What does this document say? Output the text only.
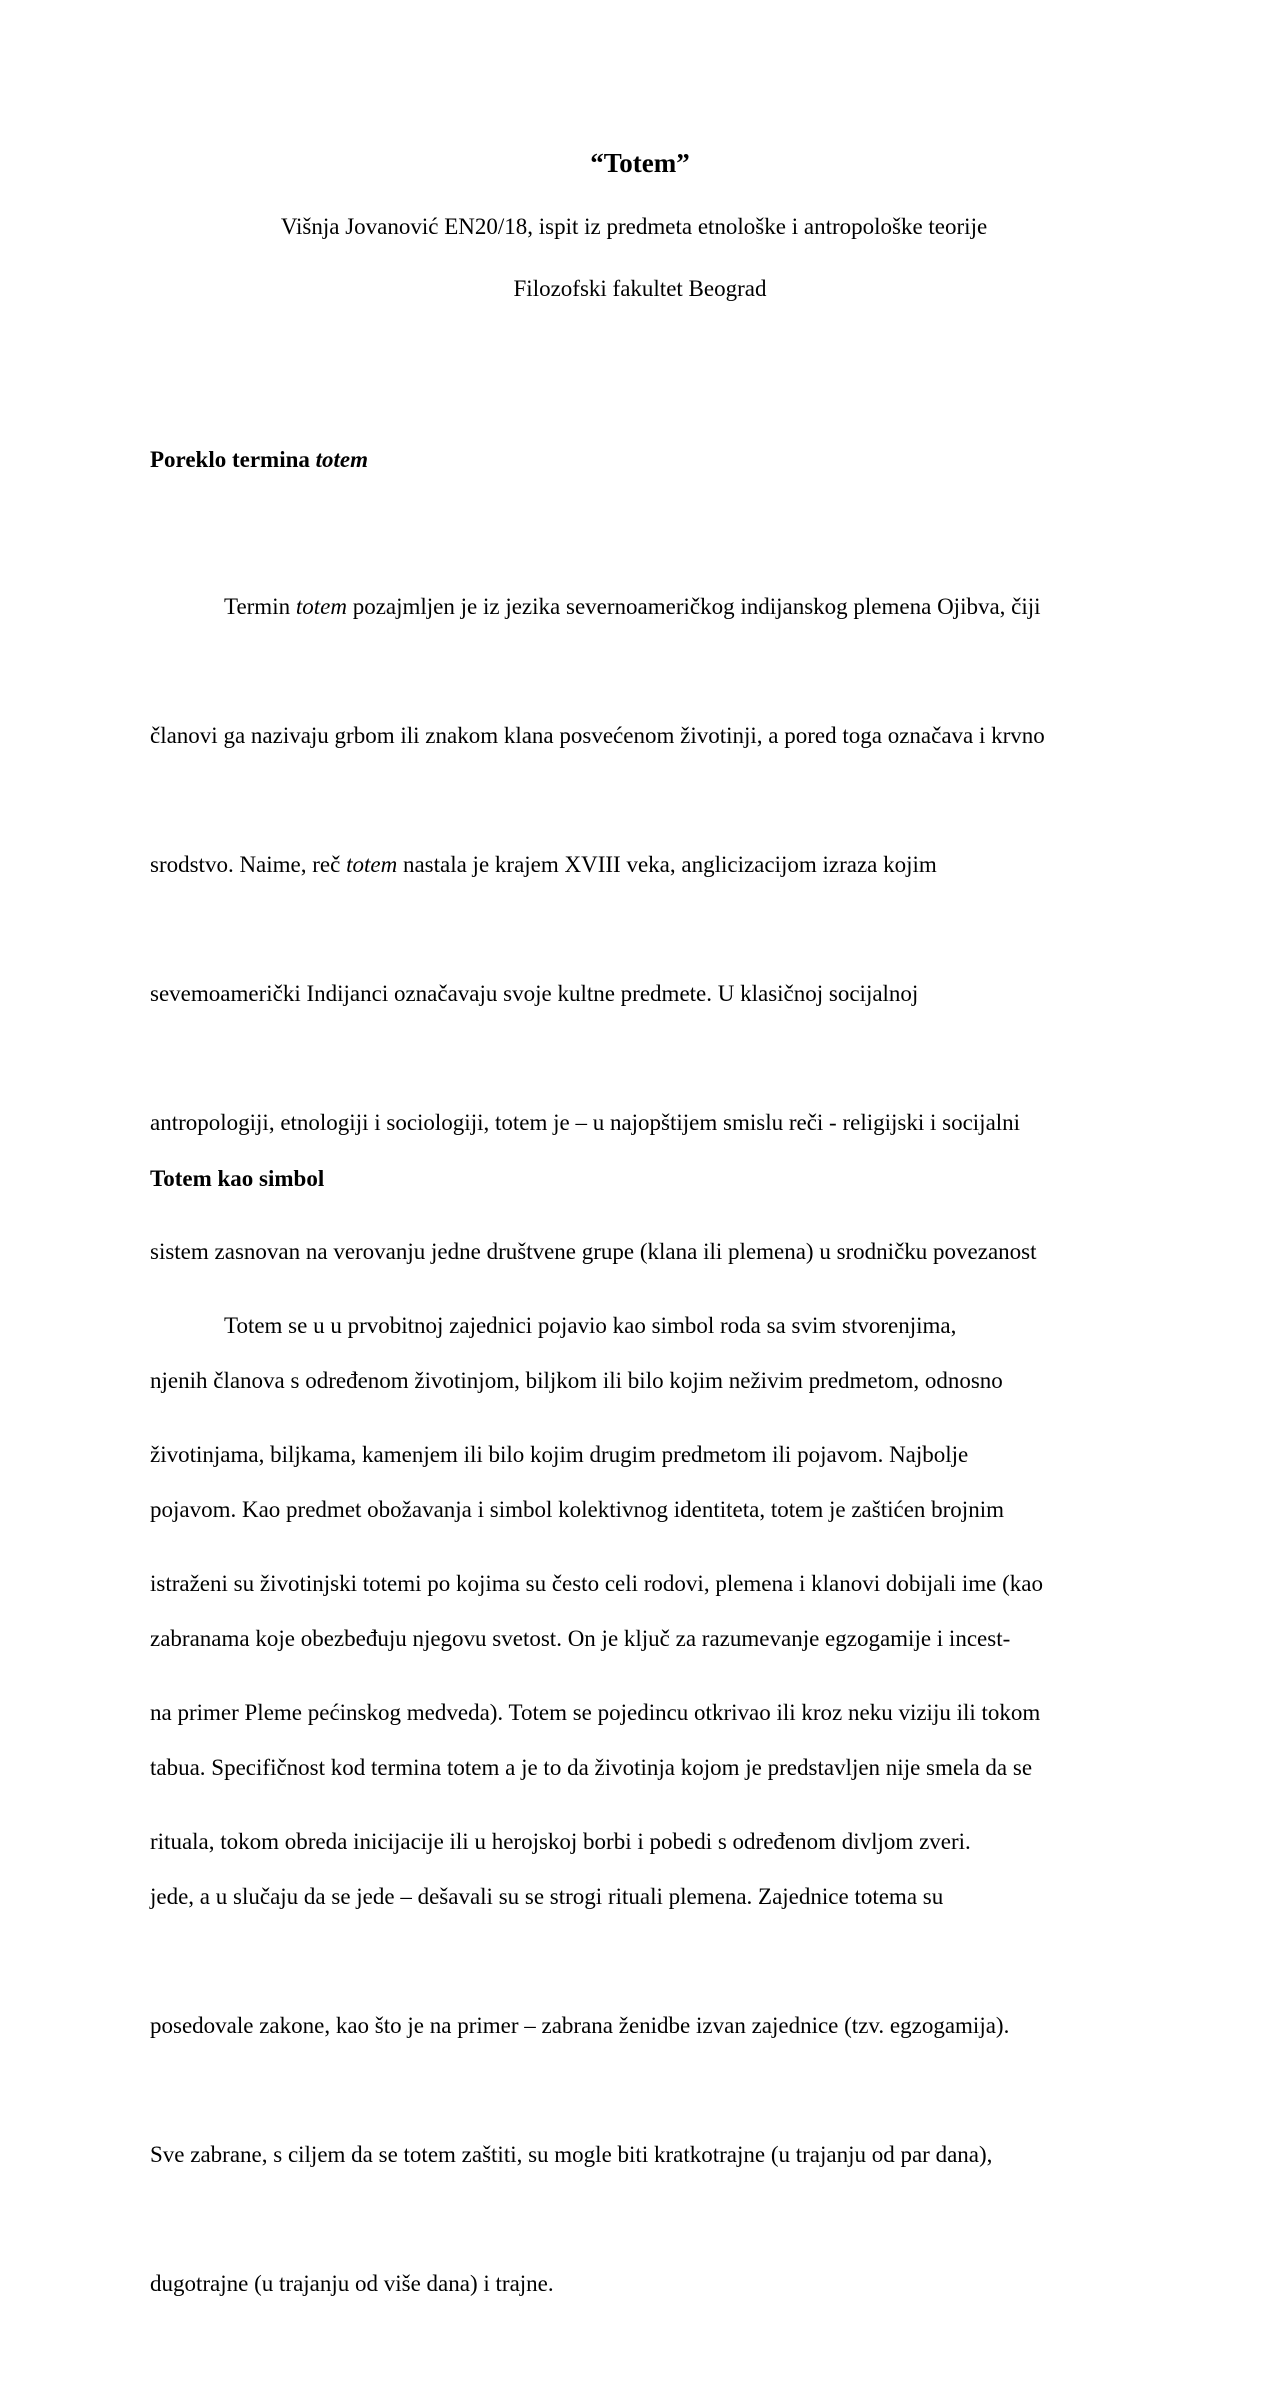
“Totem”
Višnja Jovanović EN20/18, ispit iz predmeta etnološke i antropološke teorije
Filozofski fakultet Beograd
Poreklo termina totem

Termin totem pozajmljen je iz jezika severnoameričkog indijanskog plemena Ojibva, čiji

članovi ga nazivaju grbom ili znakom klana posvećenom životinji, a pored toga označava i krvno

srodstvo. Naime, reč totem nastala je krajem XVIII veka, anglicizacijom izraza kojim

sevemoamerički Indijanci označavaju svoje kultne predmete. U klasičnoj socijalnoj

antropologiji, etnologiji i sociologiji, totem je – u najopštijem smislu reči - religijski i socijalni

sistem zasnovan na verovanju jedne društvene grupe (klana ili plemena) u srodničku povezanost

njenih članova s određenom životinjom, biljkom ili bilo kojim neživim predmetom, odnosno

pojavom. Kao predmet obožavanja i simbol kolektivnog identiteta, totem je zaštićen brojnim

zabranama koje obezbeđuju njegovu svetost. On je ključ za razumevanje egzogamije i incest-

tabua. Specifičnost kod termina totem a je to da životinja kojom je predstavljen nije smela da se

jede, a u slučaju da se jede – dešavali su se strogi rituali plemena. Zajednice totema su

posedovale zakone, kao što je na primer – zabrana ženidbe izvan zajednice (tzv. egzogamija).

Sve zabrane, s ciljem da se totem zaštiti, su mogle biti kratkotrajne (u trajanju od par dana),

dugotrajne (u trajanju od više dana) i trajne.

Totem kao simbol

Totem se u u prvobitnoj zajednici pojavio kao simbol roda sa svim stvorenjima,

životinjama, biljkama, kamenjem ili bilo kojim drugim predmetom ili pojavom. Najbolje

istraženi su životinjski totemi po kojima su često celi rodovi, plemena i klanovi dobijali ime (kao

na primer Pleme pećinskog medveda). Totem se pojedincu otkrivao ili kroz neku viziju ili tokom

rituala, tokom obreda inicijacije ili u herojskoj borbi i pobedi s određenom divljom zveri.
